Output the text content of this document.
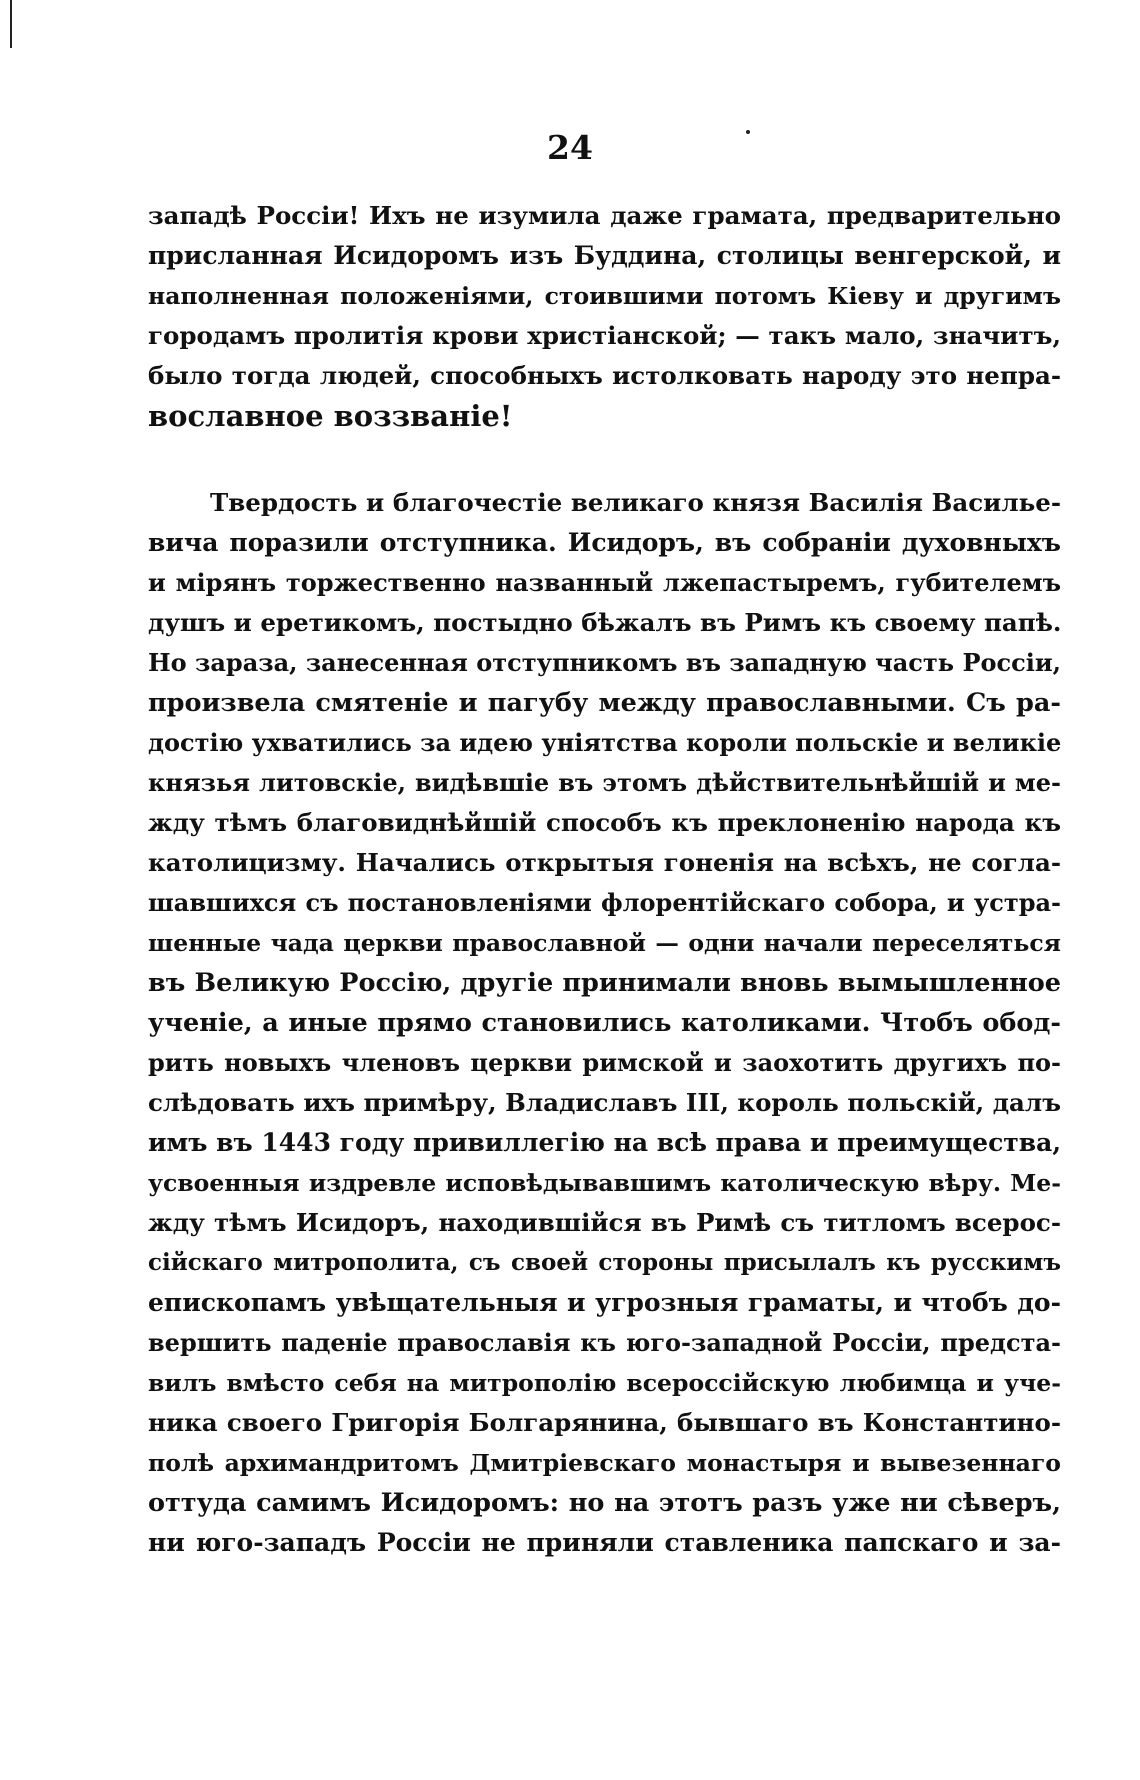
24
западѣ Россіи! Ихъ не изумила даже грамата, предварительно
присланная Исидоромъ изъ Буддина, столицы венгерской, и
наполненная положеніями, стоившими потомъ Кіеву и другимъ
городамъ пролитія крови христіанской; — такъ мало, значитъ,
было тогда людей, способныхъ истолковать народу это непра-
вославное воззваніе!
Твердость и благочестіе великаго князя Василія Василье-
вича поразили отступника. Исидоръ, въ собраніи духовныхъ
и мірянъ торжественно названный лжепастыремъ, губителемъ
душъ и еретикомъ, постыдно бѣжалъ въ Римъ къ своему папѣ.
Но зараза, занесенная отступникомъ въ западную часть Россіи,
произвела смятеніе и пагубу между православными. Съ ра-
достію ухватились за идею уніятства короли польскіе и великіе
князья литовскіе, видѣвшіе въ этомъ дѣйствительнѣйшій и ме-
жду тѣмъ благовиднѣйшій способъ къ преклоненію народа къ
католицизму. Начались открытыя гоненія на всѣхъ, не согла-
шавшихся съ постановленіями флорентійскаго собора, и устра-
шенные чада церкви православной — одни начали переселяться
въ Великую Россію, другіе принимали вновь вымышленное
ученіе, а иные прямо становились католиками. Чтобъ обод-
рить новыхъ членовъ церкви римской и заохотить другихъ по-
слѣдовать ихъ примѣру, Владиславъ III, король польскій, далъ
имъ въ 1443 году привиллегію на всѣ права и преимущества,
усвоенныя издревле исповѣдывавшимъ католическую вѣру. Ме-
жду тѣмъ Исидоръ, находившійся въ Римѣ съ титломъ всерос-
сійскаго митрополита, съ своей стороны присылалъ къ русскимъ
епископамъ увѣщательныя и угрозныя граматы, и чтобъ до-
вершить паденіе православія къ юго-западной Россіи, предста-
вилъ вмѣсто себя на митрополію всероссійскую любимца и уче-
ника своего Григорія Болгарянина, бывшаго въ Константино-
полѣ архимандритомъ Дмитріевскаго монастыря и вывезеннаго
оттуда самимъ Исидоромъ: но на этотъ разъ уже ни сѣверъ,
ни юго-западъ Россіи не приняли ставленика папскаго и за-
